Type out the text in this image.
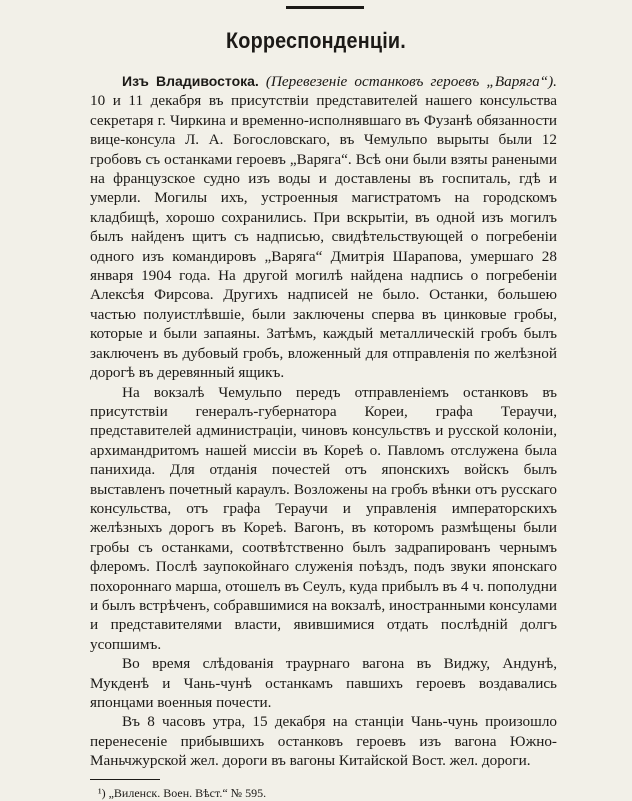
Корреспонденціи.

Изъ Владивостока. (Перевезеніе останковъ героевъ „Варяга“). 10 и 11 декабря въ присутствіи представителей нашего консульства секретаря г. Чиркина и временно-исполнявшаго въ Фузанѣ обязанности вице-консула Л. А. Богословскаго, въ Чемульпо вырыты были 12 гробовъ съ останками героевъ „Варяга“. Всѣ они были взяты ранеными на французское судно изъ воды и доставлены въ госпиталь, гдѣ и умерли. Могилы ихъ, устроенныя магистратомъ на городскомъ кладбищѣ, хорошо сохранились. При вскрытіи, въ одной изъ могилъ былъ найденъ щитъ съ надписью, свидѣтельствующей о погребеніи одного изъ командировъ „Варяга“ Дмитрія Шарапова, умершаго 28 января 1904 года. На другой могилѣ найдена надпись о погребеніи Алексѣя Фирсова. Другихъ надписей не было. Останки, большею частью полуистлѣвшіе, были заключены сперва въ цинковые гробы, которые и были запаяны. Затѣмъ, каждый металлическій гробъ былъ заключенъ въ дубовый гробъ, вложенный для отправленія по желѣзной дорогѣ въ деревянный ящикъ.

На вокзалѣ Чемульпо передъ отправленіемъ останковъ въ присутствіи генералъ-губернатора Кореи, графа Тераучи, представителей администраціи, чиновъ консульствъ и русской колоніи, архимандритомъ нашей миссіи въ Кореѣ о. Павломъ отслужена была панихида. Для отданія почестей отъ японскихъ войскъ былъ выставленъ почетный караулъ. Возложены на гробъ вѣнки отъ русскаго консульства, отъ графа Тераучи и управленія императорскихъ желѣзныхъ дорогъ въ Кореѣ. Вагонъ, въ которомъ размѣщены были гробы съ останками, соотвѣтственно былъ задрапированъ чернымъ флеромъ. Послѣ заупокойнаго служенія поѣздъ, подъ звуки японскаго похороннаго марша, отошелъ въ Сеулъ, куда прибылъ въ 4 ч. пополудни и былъ встрѣченъ, собравшимися на вокзалѣ, иностранными консулами и представителями власти, явившимися отдать послѣдній долгъ усопшимъ.

Во время слѣдованія траурнаго вагона въ Виджу, Андунѣ, Мукденѣ и Чань-чунѣ останкамъ павшихъ героевъ воздавались японцами военныя почести.

Въ 8 часовъ утра, 15 декабря на станціи Чань-чунь произошло перенесеніе прибывшихъ останковъ героевъ изъ вагона Южно-Маньчжурской жел. дороги въ вагоны Китайской Вост. жел. дороги.

¹) „Виленск. Воен. Вѣст.“ № 595.
